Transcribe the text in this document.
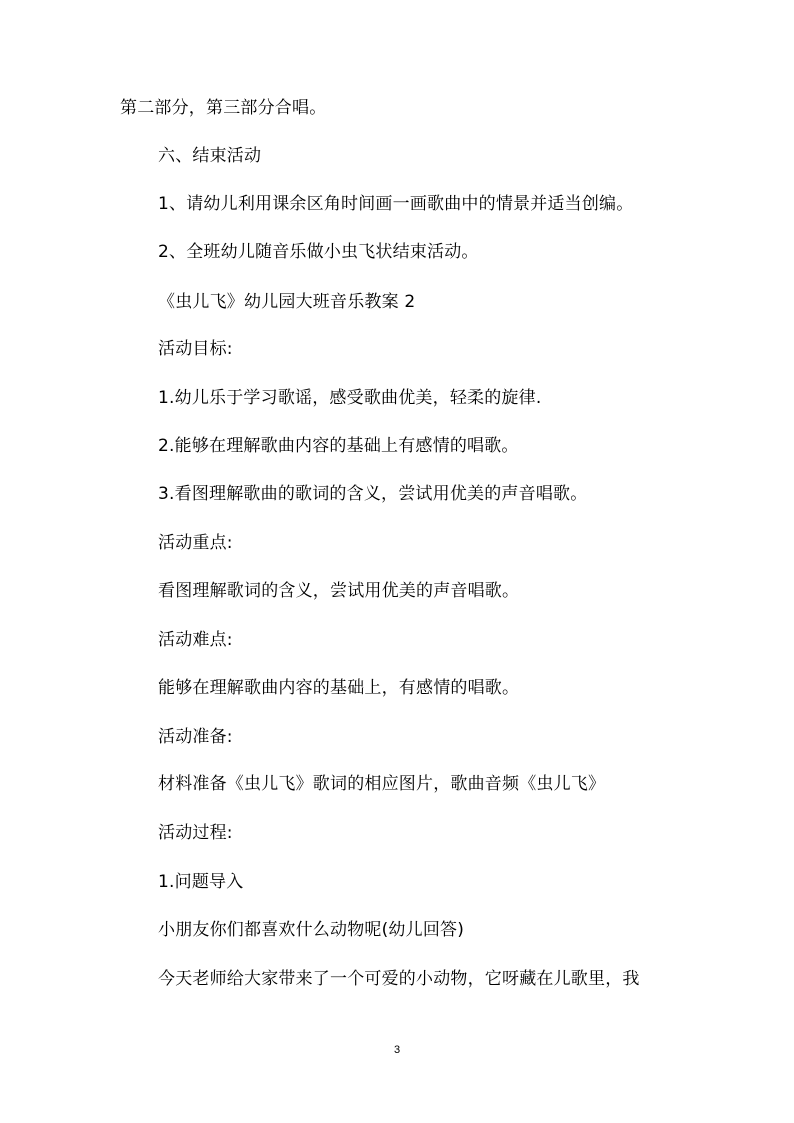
第二部分，第三部分合唱。
六、结束活动
1、请幼儿利用课余区角时间画一画歌曲中的情景并适当创编。
2、全班幼儿随音乐做小虫飞状结束活动。
《虫儿飞》幼儿园大班音乐教案 2
活动目标:
1.幼儿乐于学习歌谣，感受歌曲优美，轻柔的旋律.
2.能够在理解歌曲内容的基础上有感情的唱歌。
3.看图理解歌曲的歌词的含义，尝试用优美的声音唱歌。
活动重点:
看图理解歌词的含义，尝试用优美的声音唱歌。
活动难点:
能够在理解歌曲内容的基础上，有感情的唱歌。
活动准备:
材料准备《虫儿飞》歌词的相应图片，歌曲音频《虫儿飞》
活动过程:
1.问题导入
小朋友你们都喜欢什么动物呢(幼儿回答)
今天老师给大家带来了一个可爱的小动物，它呀藏在儿歌里，我
3
